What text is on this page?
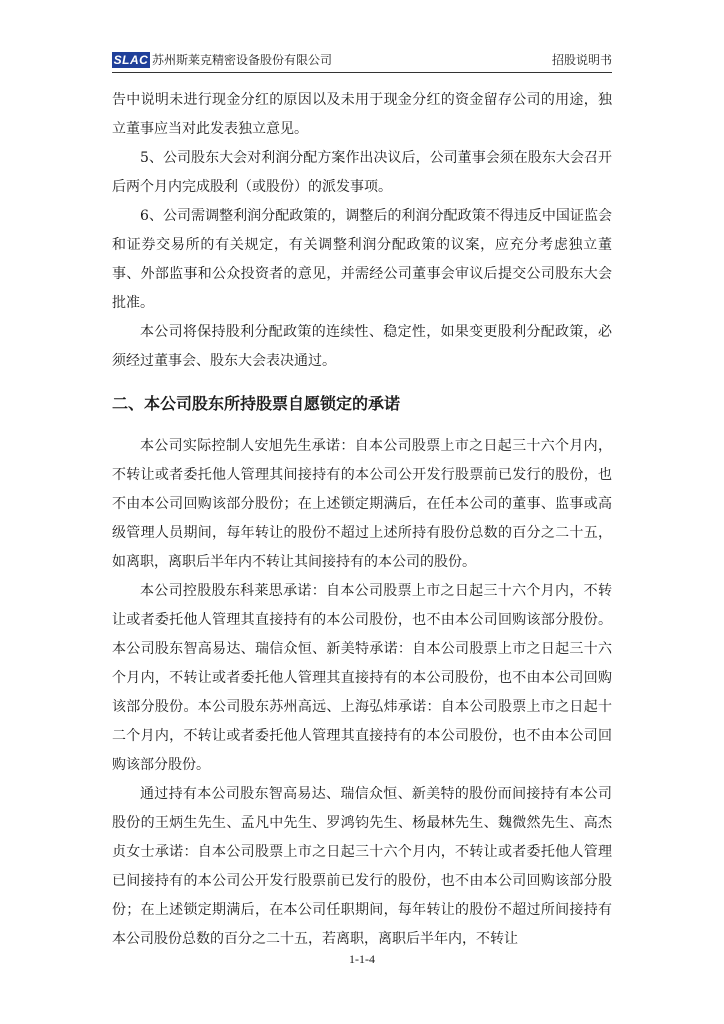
SLAC 苏州斯莱克精密设备股份有限公司	招股说明书

告中说明未进行现金分红的原因以及未用于现金分红的资金留存公司的用途，独立董事应当对此发表独立意见。

5、公司股东大会对利润分配方案作出决议后，公司董事会须在股东大会召开后两个月内完成股利（或股份）的派发事项。

6、公司需调整利润分配政策的，调整后的利润分配政策不得违反中国证监会和证券交易所的有关规定，有关调整利润分配政策的议案，应充分考虑独立董事、外部监事和公众投资者的意见，并需经公司董事会审议后提交公司股东大会批准。

本公司将保持股利分配政策的连续性、稳定性，如果变更股利分配政策，必须经过董事会、股东大会表决通过。

二、本公司股东所持股票自愿锁定的承诺

本公司实际控制人安旭先生承诺：自本公司股票上市之日起三十六个月内，不转让或者委托他人管理其间接持有的本公司公开发行股票前已发行的股份，也不由本公司回购该部分股份；在上述锁定期满后，在任本公司的董事、监事或高级管理人员期间，每年转让的股份不超过上述所持有股份总数的百分之二十五，如离职，离职后半年内不转让其间接持有的本公司的股份。

本公司控股股东科莱思承诺：自本公司股票上市之日起三十六个月内，不转让或者委托他人管理其直接持有的本公司股份，也不由本公司回购该部分股份。本公司股东智高易达、瑞信众恒、新美特承诺：自本公司股票上市之日起三十六个月内，不转让或者委托他人管理其直接持有的本公司股份，也不由本公司回购该部分股份。本公司股东苏州高远、上海弘炜承诺：自本公司股票上市之日起十二个月内，不转让或者委托他人管理其直接持有的本公司股份，也不由本公司回购该部分股份。

通过持有本公司股东智高易达、瑞信众恒、新美特的股份而间接持有本公司股份的王炳生先生、孟凡中先生、罗鸿钧先生、杨最林先生、魏微然先生、高杰贞女士承诺：自本公司股票上市之日起三十六个月内，不转让或者委托他人管理已间接持有的本公司公开发行股票前已发行的股份，也不由本公司回购该部分股份；在上述锁定期满后，在本公司任职期间，每年转让的股份不超过所间接持有本公司股份总数的百分之二十五，若离职，离职后半年内，不转让

1-1-4
